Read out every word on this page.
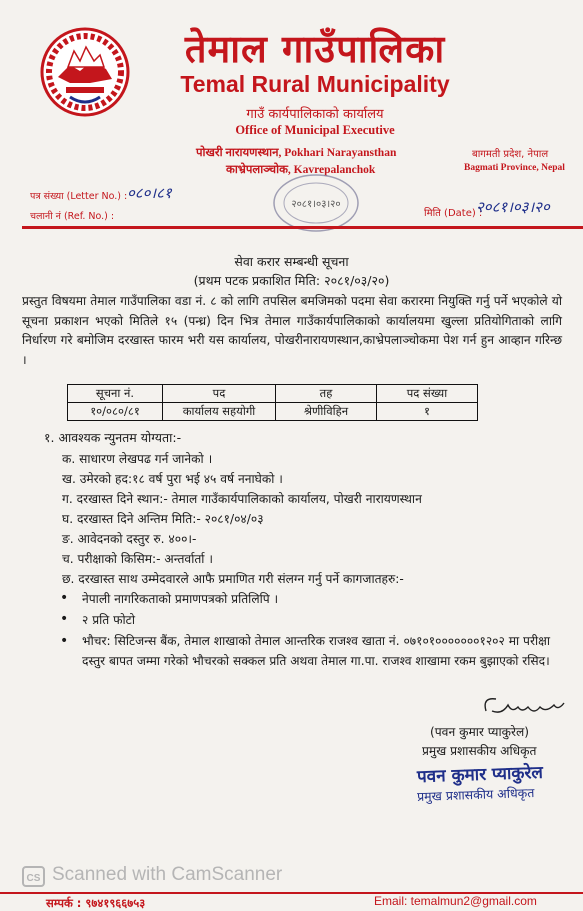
तेमाल गाउँपालिका
Temal Rural Municipality
गाउँ कार्यपालिकाको कार्यालय
Office of Municipal Executive
पोखरी नारायणस्थान, Pokhari Narayansthan
काभ्रेपलाञ्चोक, Kavrepalanchok
बागमती प्रदेश, नेपाल
Bagmati Province, Nepal
पत्र संख्या (Letter No.) : ०८०।८१
चलानी नं (Ref. No.) :	मिति (Date) :
२०८१।०३।२०
२०८१।०३।२०
सेवा करार सम्बन्धी सूचना
(प्रथम पटक प्रकाशित मिति: २०८१/०३/२०)
प्रस्तुत विषयमा तेमाल गाउँपालिका वडा नं. ८ को लागि तपसिल बमजिमको पदमा सेवा करारमा नियुक्ति गर्नु पर्ने भएकोले यो सूचना प्रकाशन भएको मितिले १५ (पन्ध्र) दिन भित्र तेमाल गाउँकार्यपालिकाको कार्यालयमा खुल्ला प्रतियोगिताको लागि निर्धारण गरे बमोजिम दरखास्त फारम भरी यस कार्यालय, पोखरीनारायणस्थान,काभ्रेपलाञ्चोकमा पेश गर्न हुन आव्हान गरिन्छ ।
सूचना नं.	पद	तह	पद संख्या
१०/०८०/८१	कार्यालय सहयोगी	श्रेणीविहिन	१
१. आवश्यक न्युनतम योग्यता:-
क. साधारण लेखपढ गर्न जानेको ।
ख. उमेरको हद:१८ वर्ष पुरा भई ४५ वर्ष ननाघेको ।
ग. दरखास्त दिने स्थान:- तेमाल गाउँकार्यपालिकाको कार्यालय, पोखरी नारायणस्थान
घ. दरखास्त दिने अन्तिम मिति:- २०८१/०४/०३
ङ. आवेदनको दस्तुर रु. ४००।-
च. परीक्षाको किसिम:- अन्तर्वार्ता ।
छ. दरखास्त साथ उम्मेदवारले आफै प्रमाणित गरी संलग्न गर्नु पर्ने कागजातहरु:-
• नेपाली नागरिकताको प्रमाणपत्रको प्रतिलिपि ।
• २ प्रति फोटो
• भौचर: सिटिजन्स बैंक, तेमाल शाखाको तेमाल आन्तरिक राजश्व खाता नं. ०७१०१०००००००१२०२ मा परीक्षा दस्तुर बापत जम्मा गरेको भौचरको सक्कल प्रति अथवा तेमाल गा.पा. राजश्व शाखामा रकम बुझाएको रसिद।
(पवन कुमार प्याकुरेल)
प्रमुख प्रशासकीय अधिकृत
पवन कुमार प्याकुरेल
प्रमुख प्रशासकीय अधिकृत
CS Scanned with CamScanner
सम्पर्क : ९७४१९६६७५३	Email: temalmun2@gmail.com
